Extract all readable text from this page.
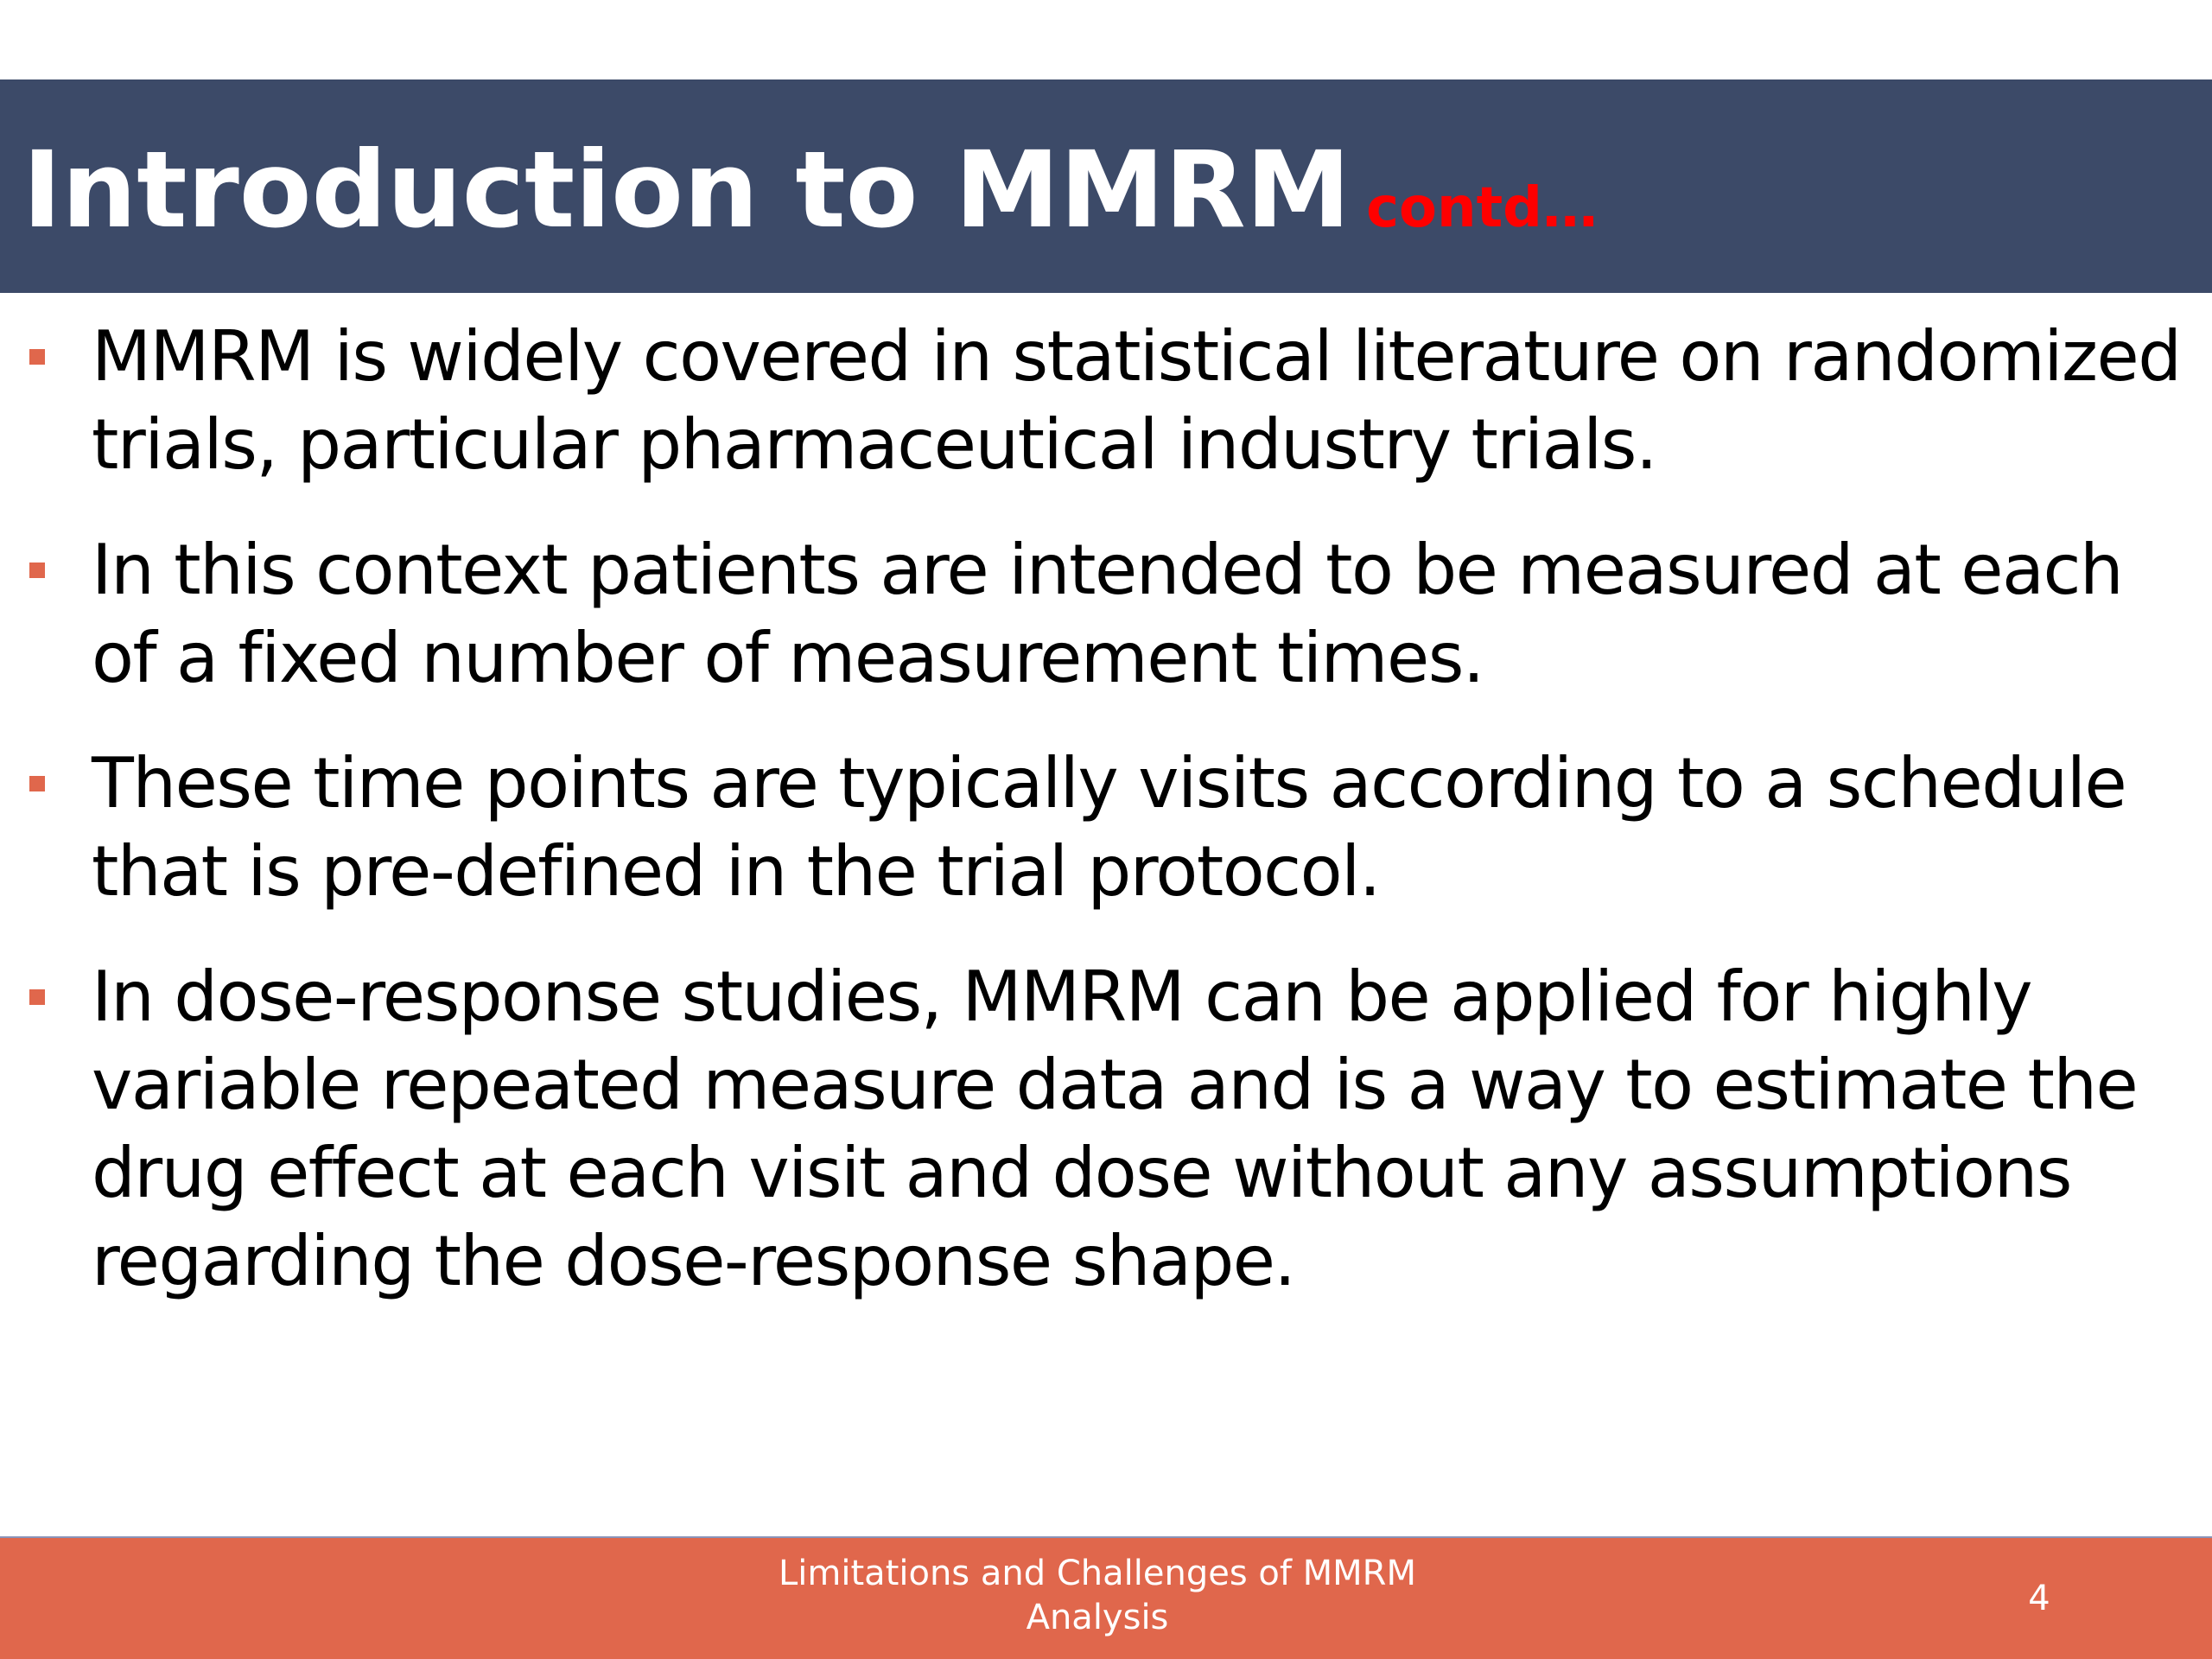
Introduction to MMRM contd…
MMRM is widely covered in statistical literature on randomized trials, particular pharmaceutical industry trials.
In this context patients are intended to be measured at each of a fixed number of measurement times.
These time points are typically visits according to a schedule that is pre-defined in the trial protocol.
In dose-response studies, MMRM can be applied for highly variable repeated measure data and is a way to estimate the drug effect at each visit and dose without any assumptions regarding the dose-response shape.
Limitations and Challenges of MMRM Analysis	4
